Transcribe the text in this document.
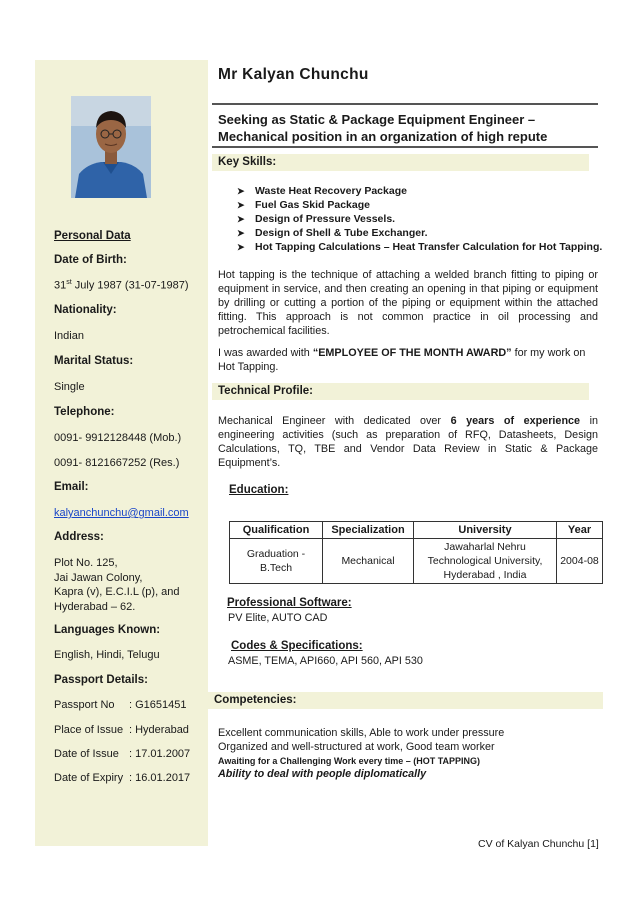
Personal Data
Date of Birth:
31st July 1987 (31-07-1987)
Nationality:
Indian
Marital Status:
Single
Telephone:
0091- 9912128448 (Mob.)
0091- 8121667252 (Res.)
Email:
kalyanchunchu@gmail.com
Address:
Plot No. 125,
Jai Jawan Colony,
Kapra (v), E.C.I.L (p), and
Hyderabad – 62.
Languages Known:
English, Hindi, Telugu
Passport Details:
Passport No : G1651451
Place of Issue : Hyderabad
Date of Issue : 17.01.2007
Date of Expiry : 16.01.2017
Mr Kalyan Chunchu
Seeking as Static & Package Equipment Engineer – Mechanical position in an organization of high repute
Key Skills:
➤ Waste Heat Recovery Package
➤ Fuel Gas Skid Package
➤ Design of Pressure Vessels.
➤ Design of Shell & Tube Exchanger.
➤ Hot Tapping Calculations – Heat Transfer Calculation for Hot Tapping.
Hot tapping is the technique of attaching a welded branch fitting to piping or equipment in service, and then creating an opening in that piping or equipment by drilling or cutting a portion of the piping or equipment within the attached fitting. This approach is not common practice in oil processing and petrochemical facilities.
I was awarded with “EMPLOYEE OF THE MONTH AWARD” for my work on Hot Tapping.
Technical Profile:
Mechanical Engineer with dedicated over 6 years of experience in engineering activities (such as preparation of RFQ, Datasheets, Design Calculations, TQ, TBE and Vendor Data Review in Static & Package Equipment’s.
Education:
Qualification	Specialization	University	Year
Graduation - B.Tech	Mechanical	Jawaharlal Nehru Technological University, Hyderabad , India	2004-08
Professional Software:
PV Elite, AUTO CAD
Codes & Specifications:
ASME, TEMA, API660, API 560, API 530
Competencies:
Excellent communication skills, Able to work under pressure
Organized and well-structured at work, Good team worker
Awaiting for a Challenging Work every time – (HOT TAPPING)
Ability to deal with people diplomatically
CV of Kalyan Chunchu [1]
